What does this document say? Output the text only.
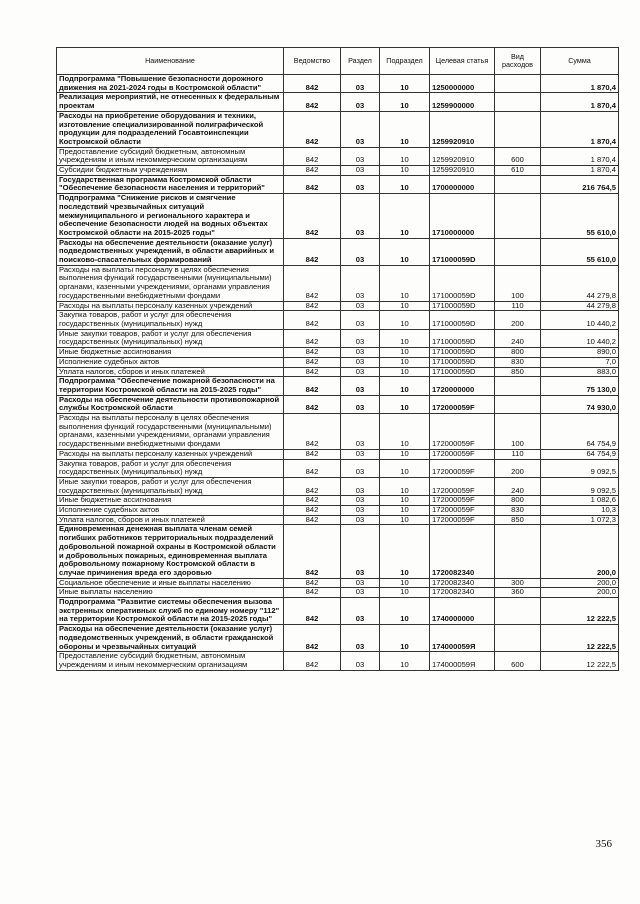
Наименование	Ведомство	Раздел	Подраздел	Целевая статья	Вид расходов	Сумма
Подпрограмма "Повышение безопасности дорожного движения на 2021-2024 годы в Костромской области"	842	03	10	1250000000		1 870,4
Реализация мероприятий, не отнесенных к федеральным проектам	842	03	10	1259900000		1 870,4
Расходы на приобретение оборудования и техники, изготовление специализированной полиграфической продукции для подразделений Госавтоинспекции Костромской области	842	03	10	1259920910		1 870,4
Предоставление субсидий бюджетным, автономным учреждениям и иным некоммерческим организациям	842	03	10	1259920910	600	1 870,4
Субсидии бюджетным учреждениям	842	03	10	1259920910	610	1 870,4
Государственная программа Костромской области "Обеспечение безопасности населения и территорий"	842	03	10	1700000000		216 764,5
Подпрограмма "Снижение рисков и смягчение последствий чрезвычайных ситуаций межмуниципального и регионального характера и обеспечение безопасности людей на водных объектах Костромской области на 2015-2025 годы"	842	03	10	1710000000		55 610,0
Расходы на обеспечение деятельности (оказание услуг) подведомственных учреждений, в области аварийных и поисково-спасательных формирований	842	03	10	171000059D		55 610,0
Расходы на выплаты персоналу в целях обеспечения выполнения функций государственными (муниципальными) органами, казенными учреждениями, органами управления государственными внебюджетными фондами	842	03	10	171000059D	100	44 279,8
Расходы на выплаты персоналу казенных учреждений	842	03	10	171000059D	110	44 279,8
Закупка товаров, работ и услуг для обеспечения государственных (муниципальных) нужд	842	03	10	171000059D	200	10 440,2
Иные закупки товаров, работ и услуг для обеспечения государственных (муниципальных) нужд	842	03	10	171000059D	240	10 440,2
Иные бюджетные ассигнования	842	03	10	171000059D	800	890,0
Исполнение судебных актов	842	03	10	171000059D	830	7,0
Уплата налогов, сборов и иных платежей	842	03	10	171000059D	850	883,0
Подпрограмма "Обеспечение пожарной безопасности на территории Костромской области на 2015-2025 годы"	842	03	10	1720000000		75 130,0
Расходы на обеспечение деятельности противопожарной службы Костромской области	842	03	10	172000059F		74 930,0
Расходы на выплаты персоналу в целях обеспечения выполнения функций государственными (муниципальными) органами, казенными учреждениями, органами управления государственными внебюджетными фондами	842	03	10	172000059F	100	64 754,9
Расходы на выплаты персоналу казенных учреждений	842	03	10	172000059F	110	64 754,9
Закупка товаров, работ и услуг для обеспечения государственных (муниципальных) нужд	842	03	10	172000059F	200	9 092,5
Иные закупки товаров, работ и услуг для обеспечения государственных (муниципальных) нужд	842	03	10	172000059F	240	9 092,5
Иные бюджетные ассигнования	842	03	10	172000059F	800	1 082,6
Исполнение судебных актов	842	03	10	172000059F	830	10,3
Уплата налогов, сборов и иных платежей	842	03	10	172000059F	850	1 072,3
Единовременная денежная выплата членам семей погибших работников территориальных подразделений добровольной пожарной охраны в Костромской области и добровольных пожарных, единовременная выплата добровольному пожарному Костромской области в случае причинения вреда его здоровью	842	03	10	1720082340		200,0
Социальное обеспечение и иные выплаты населению	842	03	10	1720082340	300	200,0
Иные выплаты населению	842	03	10	1720082340	360	200,0
Подпрограмма "Развитие системы обеспечения вызова экстренных оперативных служб по единому номеру "112" на территории Костромской области на 2015-2025 годы"	842	03	10	1740000000		12 222,5
Расходы на обеспечение деятельности (оказание услуг) подведомственных учреждений, в области гражданской обороны и чрезвычайных ситуаций	842	03	10	174000059Я		12 222,5
Предоставление субсидий бюджетным, автономным учреждениям и иным некоммерческим организациям	842	03	10	174000059Я	600	12 222,5
356
